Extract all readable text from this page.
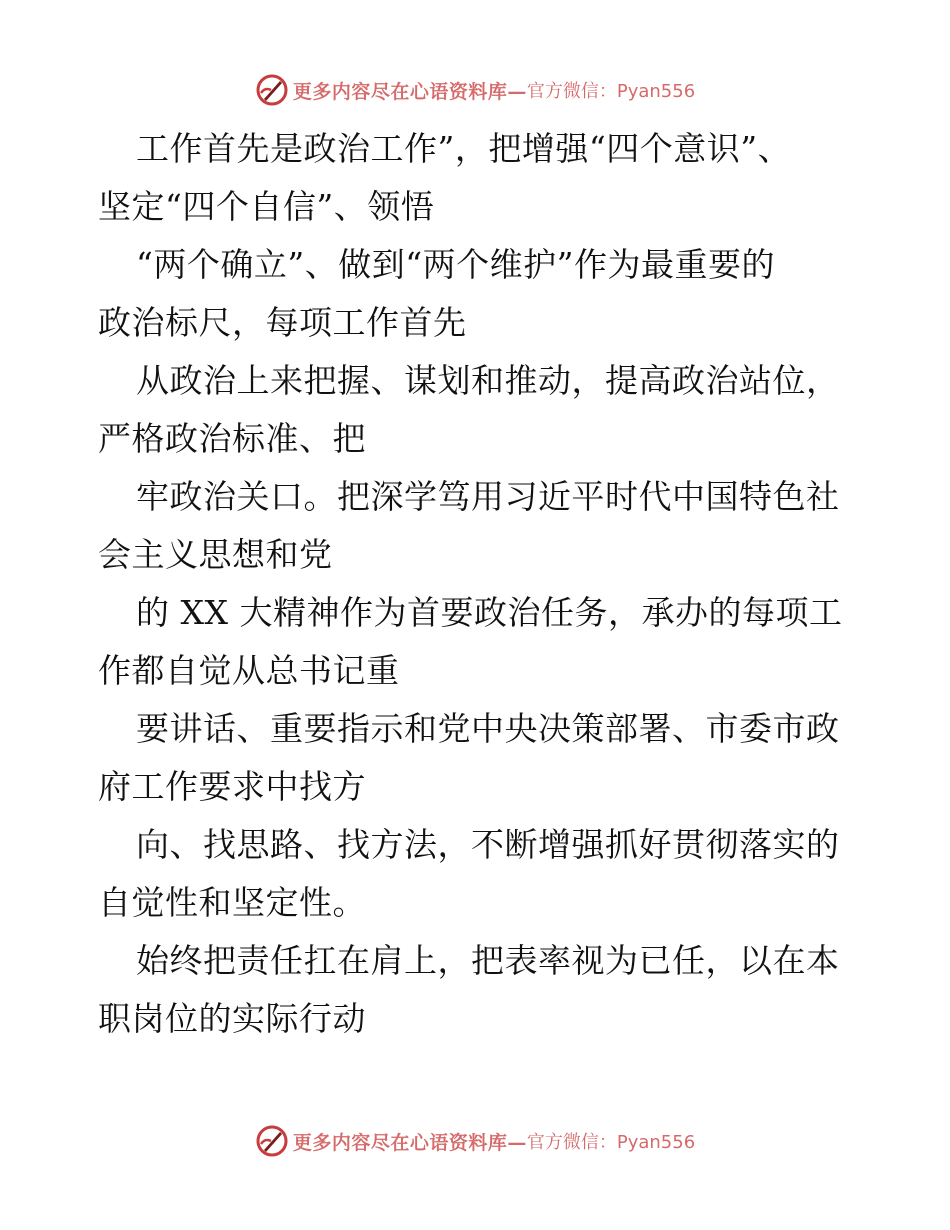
更多内容尽在心语资料库— 官方微信：Pyan556
工作首先是政治工作”，把增强“四个意识”、
坚定“四个自信”、领悟
“两个确立”、做到“两个维护”作为最重要的
政治标尺，每项工作首先
从政治上来把握、谋划和推动，提高政治站位，
严格政治标准、把
牢政治关口。把深学笃用习近平时代中国特色社
会主义思想和党
的 XX 大精神作为首要政治任务，承办的每项工
作都自觉从总书记重
要讲话、重要指示和党中央决策部署、市委市政
府工作要求中找方
向、找思路、找方法，不断增强抓好贯彻落实的
自觉性和坚定性。
始终把责任扛在肩上，把表率视为已任，以在本
职岗位的实际行动
更多内容尽在心语资料库— 官方微信：Pyan556
